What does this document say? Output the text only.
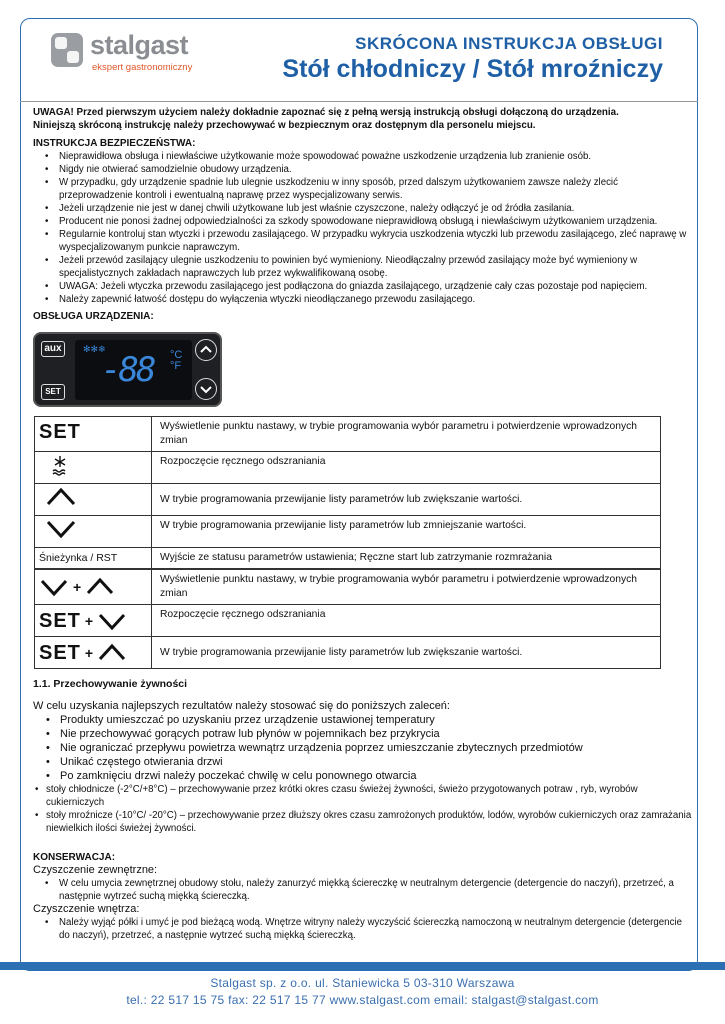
stalgast
ekspert gastronomiczny
SKRÓCONA INSTRUKCJA OBSŁUGI
Stół chłodniczy / Stół mroźniczy
UWAGA! Przed pierwszym użyciem należy dokładnie zapoznać się z pełną wersją instrukcją obsługi dołączoną do urządzenia.
Niniejszą skróconą instrukcję należy przechowywać w bezpiecznym oraz dostępnym dla personelu miejscu.
INSTRUKCJA BEZPIECZEŃSTWA:
• Nieprawidłowa obsługa i niewłaściwe użytkowanie może spowodować poważne uszkodzenie urządzenia lub zranienie osób.
• Nigdy nie otwierać samodzielnie obudowy urządzenia.
• W przypadku, gdy urządzenie spadnie lub ulegnie uszkodzeniu w inny sposób, przed dalszym użytkowaniem zawsze należy zlecić przeprowadzenie kontroli i ewentualną naprawę przez wyspecjalizowany serwis.
• Jeżeli urządzenie nie jest w danej chwili użytkowane lub jest właśnie czyszczone, należy odłączyć je od źródła zasilania.
• Producent nie ponosi żadnej odpowiedzialności za szkody spowodowane nieprawidłową obsługą i niewłaściwym użytkowaniem urządzenia.
• Regularnie kontroluj stan wtyczki i przewodu zasilającego. W przypadku wykrycia uszkodzenia wtyczki lub przewodu zasilającego, zleć naprawę w wyspecjalizowanym punkcie naprawczym.
• Jeżeli przewód zasilający ulegnie uszkodzeniu to powinien być wymieniony. Nieodłączalny przewód zasilający może być wymieniony w specjalistycznych zakładach naprawczych lub przez wykwalifikowaną osobę.
• UWAGA: Jeżeli wtyczka przewodu zasilającego jest podłączona do gniazda zasilającego, urządzenie cały czas pozostaje pod napięciem.
• Należy zapewnić łatwość dostępu do wyłączenia wtyczki nieodłączanego przewodu zasilającego.
OBSŁUGA URZĄDZENIA:
aux
SET
✻✻❄
-88 °C
°F
SET	Wyświetlenie punktu nastawy, w trybie programowania wybór parametru i potwierdzenie wprowadzonych zmian
	Rozpoczęcie ręcznego odszraniania
	W trybie programowania przewijanie listy parametrów lub zwiększanie wartości.
	W trybie programowania przewijanie listy parametrów lub zmniejszanie wartości.
Śnieżynka / RST	Wyjście ze statusu parametrów ustawienia; Ręczne start lub zatrzymanie rozmrażania
+	Wyświetlenie punktu nastawy, w trybie programowania wybór parametru i potwierdzenie wprowadzonych zmian

SET +	Rozpoczęcie ręcznego odszraniania

SET +	W trybie programowania przewijanie listy parametrów lub zwiększanie wartości.
1.1. Przechowywanie żywności
W celu uzyskania najlepszych rezultatów należy stosować się do poniższych zaleceń:
• Produkty umieszczać po uzyskaniu przez urządzenie ustawionej temperatury
• Nie przechowywać gorących potraw lub płynów w pojemnikach bez przykrycia
• Nie ograniczać przepływu powietrza wewnątrz urządzenia poprzez umieszczanie zbytecznych przedmiotów
• Unikać częstego otwierania drzwi
• Po zamknięciu drzwi należy poczekać chwilę w celu ponownego otwarcia
• stoły chłodnicze (-2°C/+8°C) – przechowywanie przez krótki okres czasu świeżej żywności, świeżo przygotowanych potraw , ryb, wyrobów cukierniczych
• stoły mroźnicze (-10°C/ -20°C) – przechowywanie przez dłuższy okres czasu zamrożonych produktów, lodów, wyrobów cukierniczych oraz zamrażania niewielkich ilości świeżej żywności.
KONSERWACJA:
Czyszczenie zewnętrzne:
• W celu umycia zewnętrznej obudowy stołu, należy zanurzyć miękką ściereczkę w neutralnym detergencie (detergencie do naczyń), przetrzeć, a następnie wytrzeć suchą miękką ściereczką.
Czyszczenie wnętrza:
• Należy wyjąć półki i umyć je pod bieżącą wodą. Wnętrze witryny należy wyczyścić ściereczką namoczoną w neutralnym detergencie (detergencie do naczyń), przetrzeć, a następnie wytrzeć suchą miękką ściereczką.
Stalgast sp. z o.o. ul. Staniewicka 5 03-310 Warszawa
tel.: 22 517 15 75 fax: 22 517 15 77 www.stalgast.com email: stalgast@stalgast.com
